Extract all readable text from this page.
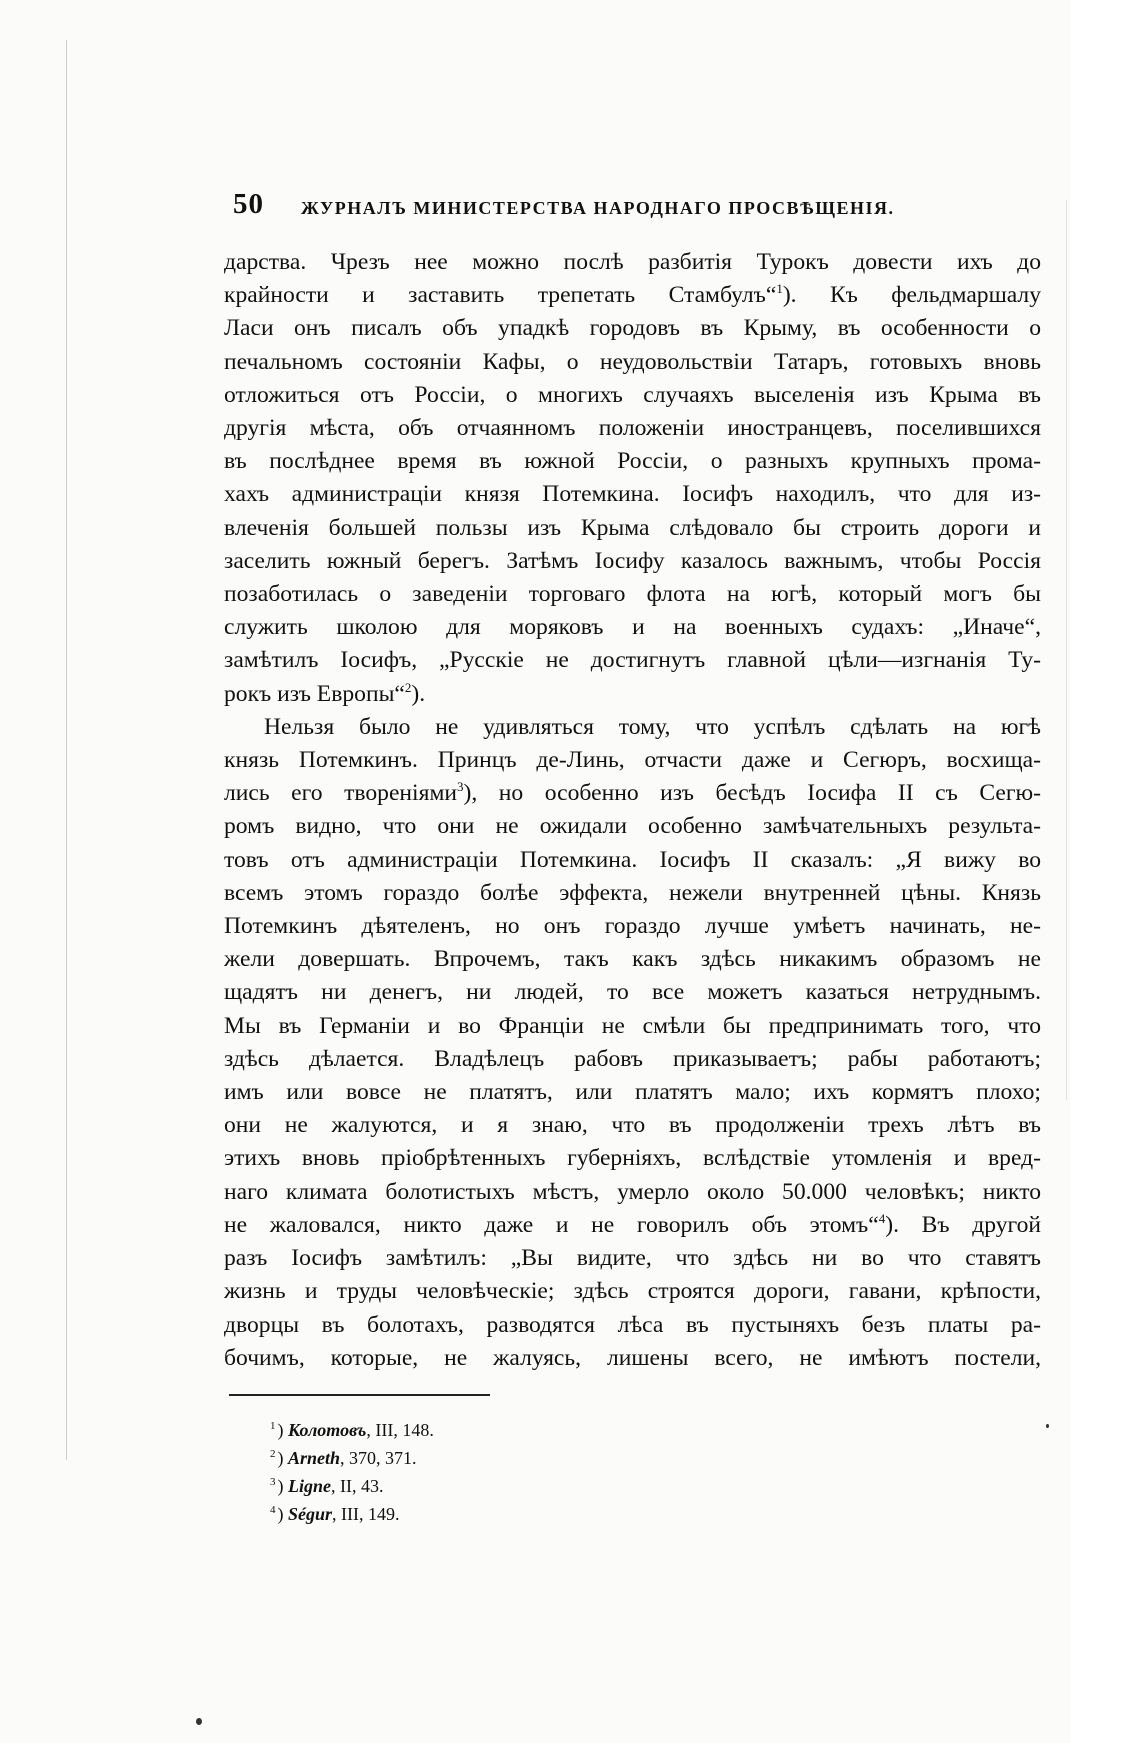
50 ЖУРНАЛЪ МИНИСТЕРСТВА НАРОДНАГО ПРОСВѢЩЕНІЯ.
дарства. Чрезъ нее можно послѣ разбитія Турокъ довести ихъ до
крайности и заставить трепетать Стамбулъ“$^1$). Къ фельдмаршалу
Ласи онъ писалъ объ упадкѣ городовъ въ Крыму, въ особенности о
печальномъ состояніи Кафы, о неудовольствіи Татаръ, готовыхъ вновь
отложиться отъ Россіи, о многихъ случаяхъ выселенія изъ Крыма въ
другія мѣста, объ отчаянномъ положеніи иностранцевъ, поселившихся
въ послѣднее время въ южной Россіи, о разныхъ крупныхъ прома-
хахъ администраціи князя Потемкина. Іосифъ находилъ, что для из-
влеченія большей пользы изъ Крыма слѣдовало бы строить дороги и
заселить южный берегъ. Затѣмъ Іосифу казалось важнымъ, чтобы Россія
позаботилась о заведеніи торговаго флота на югѣ, который могъ бы
служить школою для моряковъ и на военныхъ судахъ: „Иначе“,
замѣтилъ Іосифъ, „Русскіе не достигнутъ главной цѣли—изгнанія Ту-
рокъ изъ Европы“$^2$).
Нельзя было не удивляться тому, что успѣлъ сдѣлать на югѣ
князь Потемкинъ. Принцъ де-Линь, отчасти даже и Сегюръ, восхища-
лись его твореніями$^3$), но особенно изъ бесѣдъ Іосифа II съ Сегю-
ромъ видно, что они не ожидали особенно замѣчательныхъ результа-
товъ отъ администраціи Потемкина. Іосифъ II сказалъ: „Я вижу во
всемъ этомъ гораздо болѣе эффекта, нежели внутренней цѣны. Князь
Потемкинъ дѣятеленъ, но онъ гораздо лучше умѣетъ начинать, не-
жели довершать. Впрочемъ, такъ какъ здѣсь никакимъ образомъ не
щадятъ ни денегъ, ни людей, то все можетъ казаться нетруднымъ.
Мы въ Германіи и во Франціи не смѣли бы предпринимать того, что
здѣсь дѣлается. Владѣлецъ рабовъ приказываетъ; рабы работаютъ;
имъ или вовсе не платятъ, или платятъ мало; ихъ кормятъ плохо;
они не жалуются, и я знаю, что въ продолженіи трехъ лѣтъ въ
этихъ вновь пріобрѣтенныхъ губерніяхъ, вслѣдствіе утомленія и вред-
наго климата болотистыхъ мѣстъ, умерло около 50.000 человѣкъ; никто
не жаловался, никто даже и не говорилъ объ этомъ“$^4$). Въ другой
разъ Іосифъ замѣтилъ: „Вы видите, что здѣсь ни во что ставятъ
жизнь и труды человѣческіе; здѣсь строятся дороги, гавани, крѣпости,
дворцы въ болотахъ, разводятся лѣса въ пустыняхъ безъ платы ра-
бочимъ, которые, не жалуясь, лишены всего, не имѣютъ постели,
$^1$ ) Колотовъ, III, 148.
$^2$ ) Arneth, 370, 371.
$^3$ ) Ligne, II, 43.
$^4$ ) Ségur, III, 149.
